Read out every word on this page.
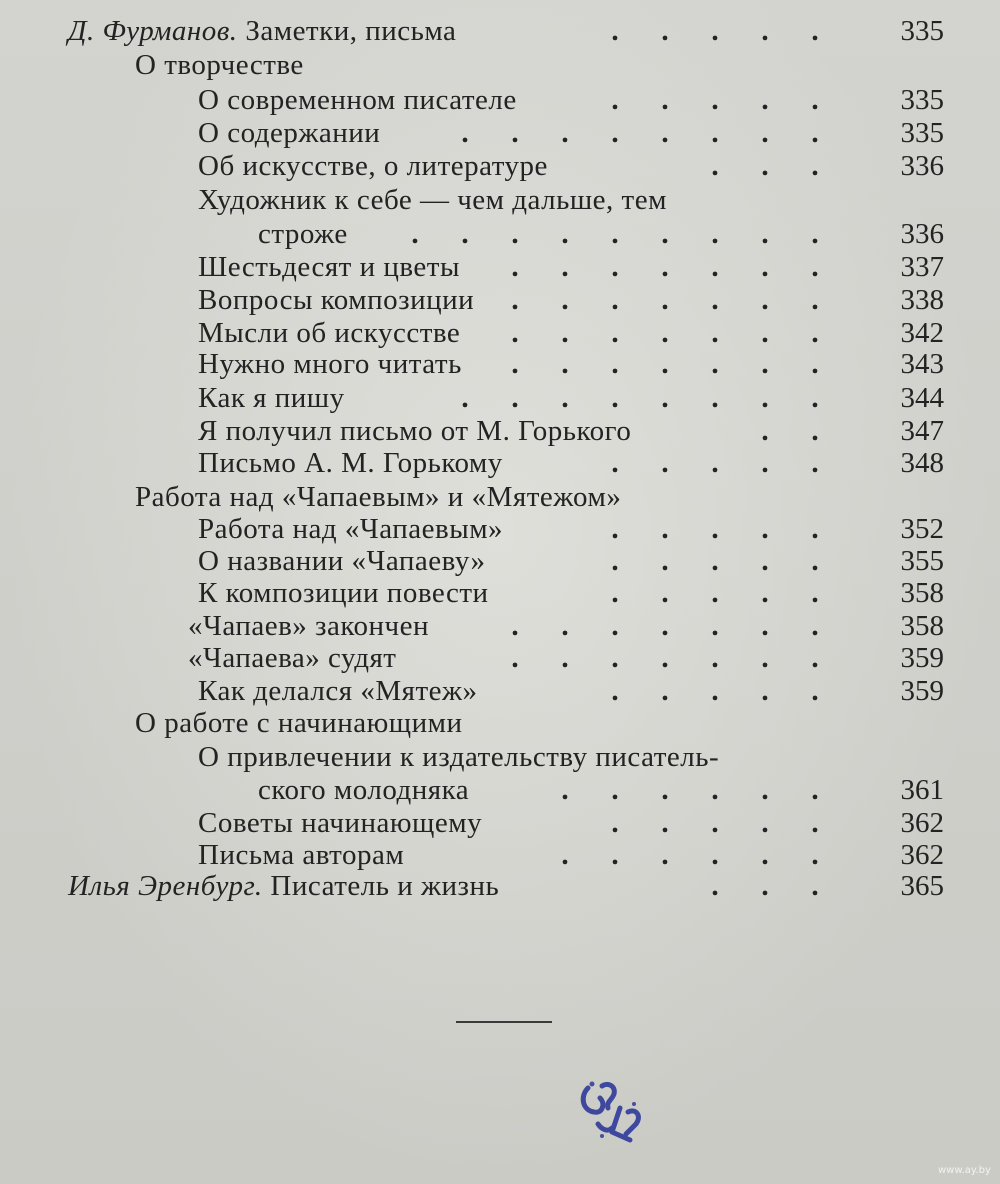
Д. Фурманов. Заметки, письма	. . . . .	335
О творчестве
О современном писателе	. . . . .	335
О содержании	. . . . . . . .	335
Об искусстве, о литературе	. . .	336
Художник к себе — чем дальше, тем
строже	. . . . . . . . .	336
Шестьдесят и цветы	. . . . . . .	337
Вопросы композиции	. . . . . . .	338
Мысли об искусстве	. . . . . . .	342
Нужно много читать	. . . . . . .	343
Как я пишу	. . . . . . . .	344
Я получил письмо от М. Горького	. .	347
Письмо А. М. Горькому	. . . . .	348
Работа над «Чапаевым» и «Мятежом»
Работа над «Чапаевым»	. . . . .	352
О названии «Чапаеву»	. . . . .	355
К композиции повести	. . . . .	358
«Чапаев» закончен	. . . . . . .	358
«Чапаева» судят	. . . . . . .	359
Как делался «Мятеж»	. . . . .	359
О работе с начинающими
О привлечении к издательству писатель-
ского молодняка	. . . . . .	361
Советы начинающему	. . . . .	362
Письма авторам	. . . . . .	362
Илья Эренбург. Писатель и жизнь	. . .	365
www.ay.by
